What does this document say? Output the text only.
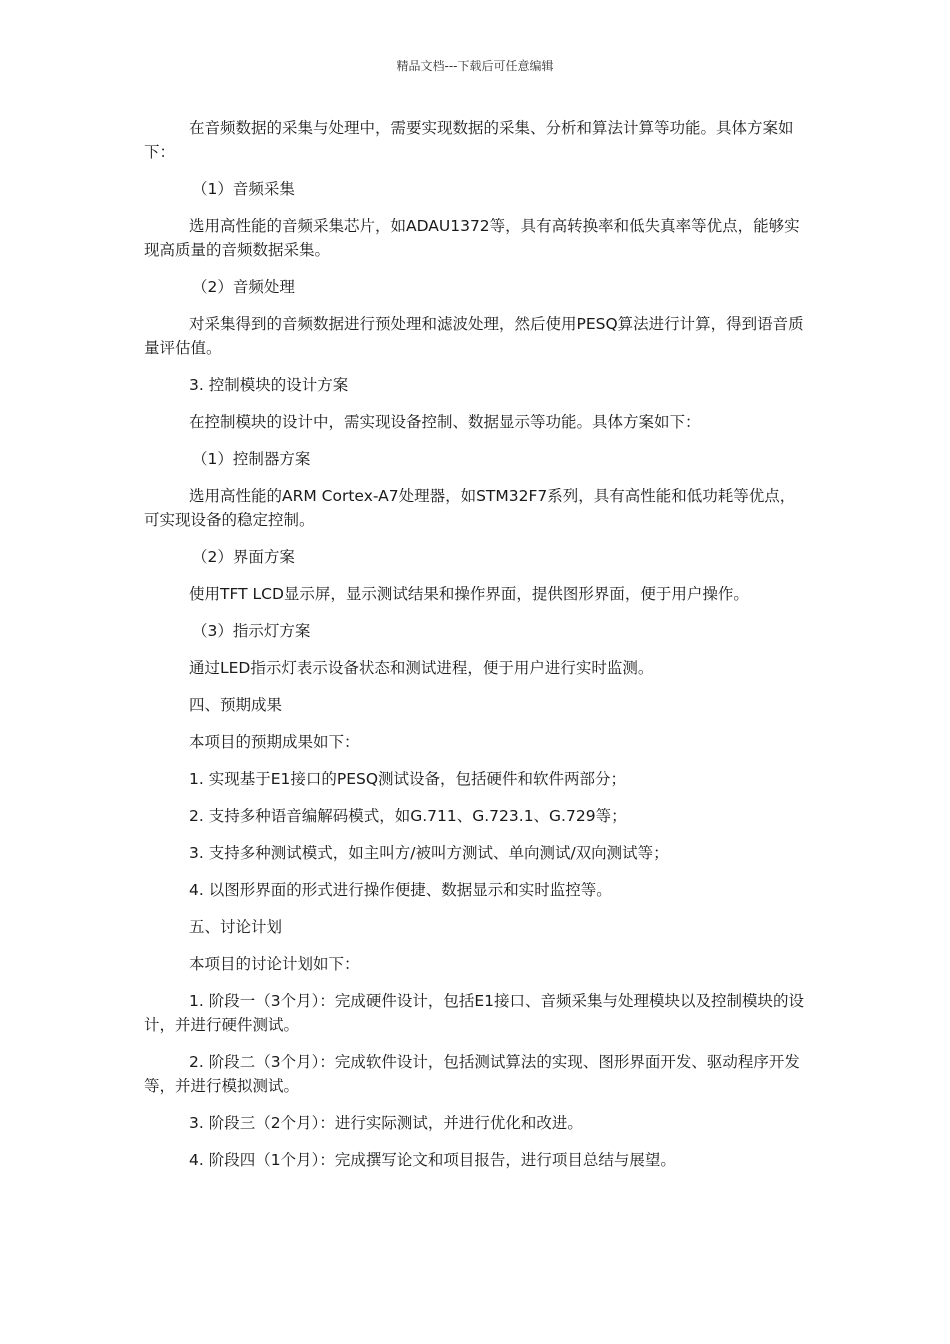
精品文档---下载后可任意编辑

在音频数据的采集与处理中，需要实现数据的采集、分析和算法计算等功能。具体方案如下：

（1）音频采集

选用高性能的音频采集芯片，如ADAU1372等，具有高转换率和低失真率等优点，能够实现高质量的音频数据采集。

（2）音频处理

对采集得到的音频数据进行预处理和滤波处理，然后使用PESQ算法进行计算，得到语音质量评估值。

3. 控制模块的设计方案

在控制模块的设计中，需实现设备控制、数据显示等功能。具体方案如下：

（1）控制器方案

选用高性能的ARM Cortex-A7处理器，如STM32F7系列，具有高性能和低功耗等优点，可实现设备的稳定控制。

（2）界面方案

使用TFT LCD显示屏，显示测试结果和操作界面，提供图形界面，便于用户操作。

（3）指示灯方案

通过LED指示灯表示设备状态和测试进程，便于用户进行实时监测。

四、预期成果

本项目的预期成果如下：

1. 实现基于E1接口的PESQ测试设备，包括硬件和软件两部分；

2. 支持多种语音编解码模式，如G.711、G.723.1、G.729等；

3. 支持多种测试模式，如主叫方/被叫方测试、单向测试/双向测试等；

4. 以图形界面的形式进行操作便捷、数据显示和实时监控等。

五、讨论计划

本项目的讨论计划如下：

1. 阶段一（3个月）：完成硬件设计，包括E1接口、音频采集与处理模块以及控制模块的设计，并进行硬件测试。

2. 阶段二（3个月）：完成软件设计，包括测试算法的实现、图形界面开发、驱动程序开发等，并进行模拟测试。

3. 阶段三（2个月）：进行实际测试，并进行优化和改进。

4. 阶段四（1个月）：完成撰写论文和项目报告，进行项目总结与展望。
